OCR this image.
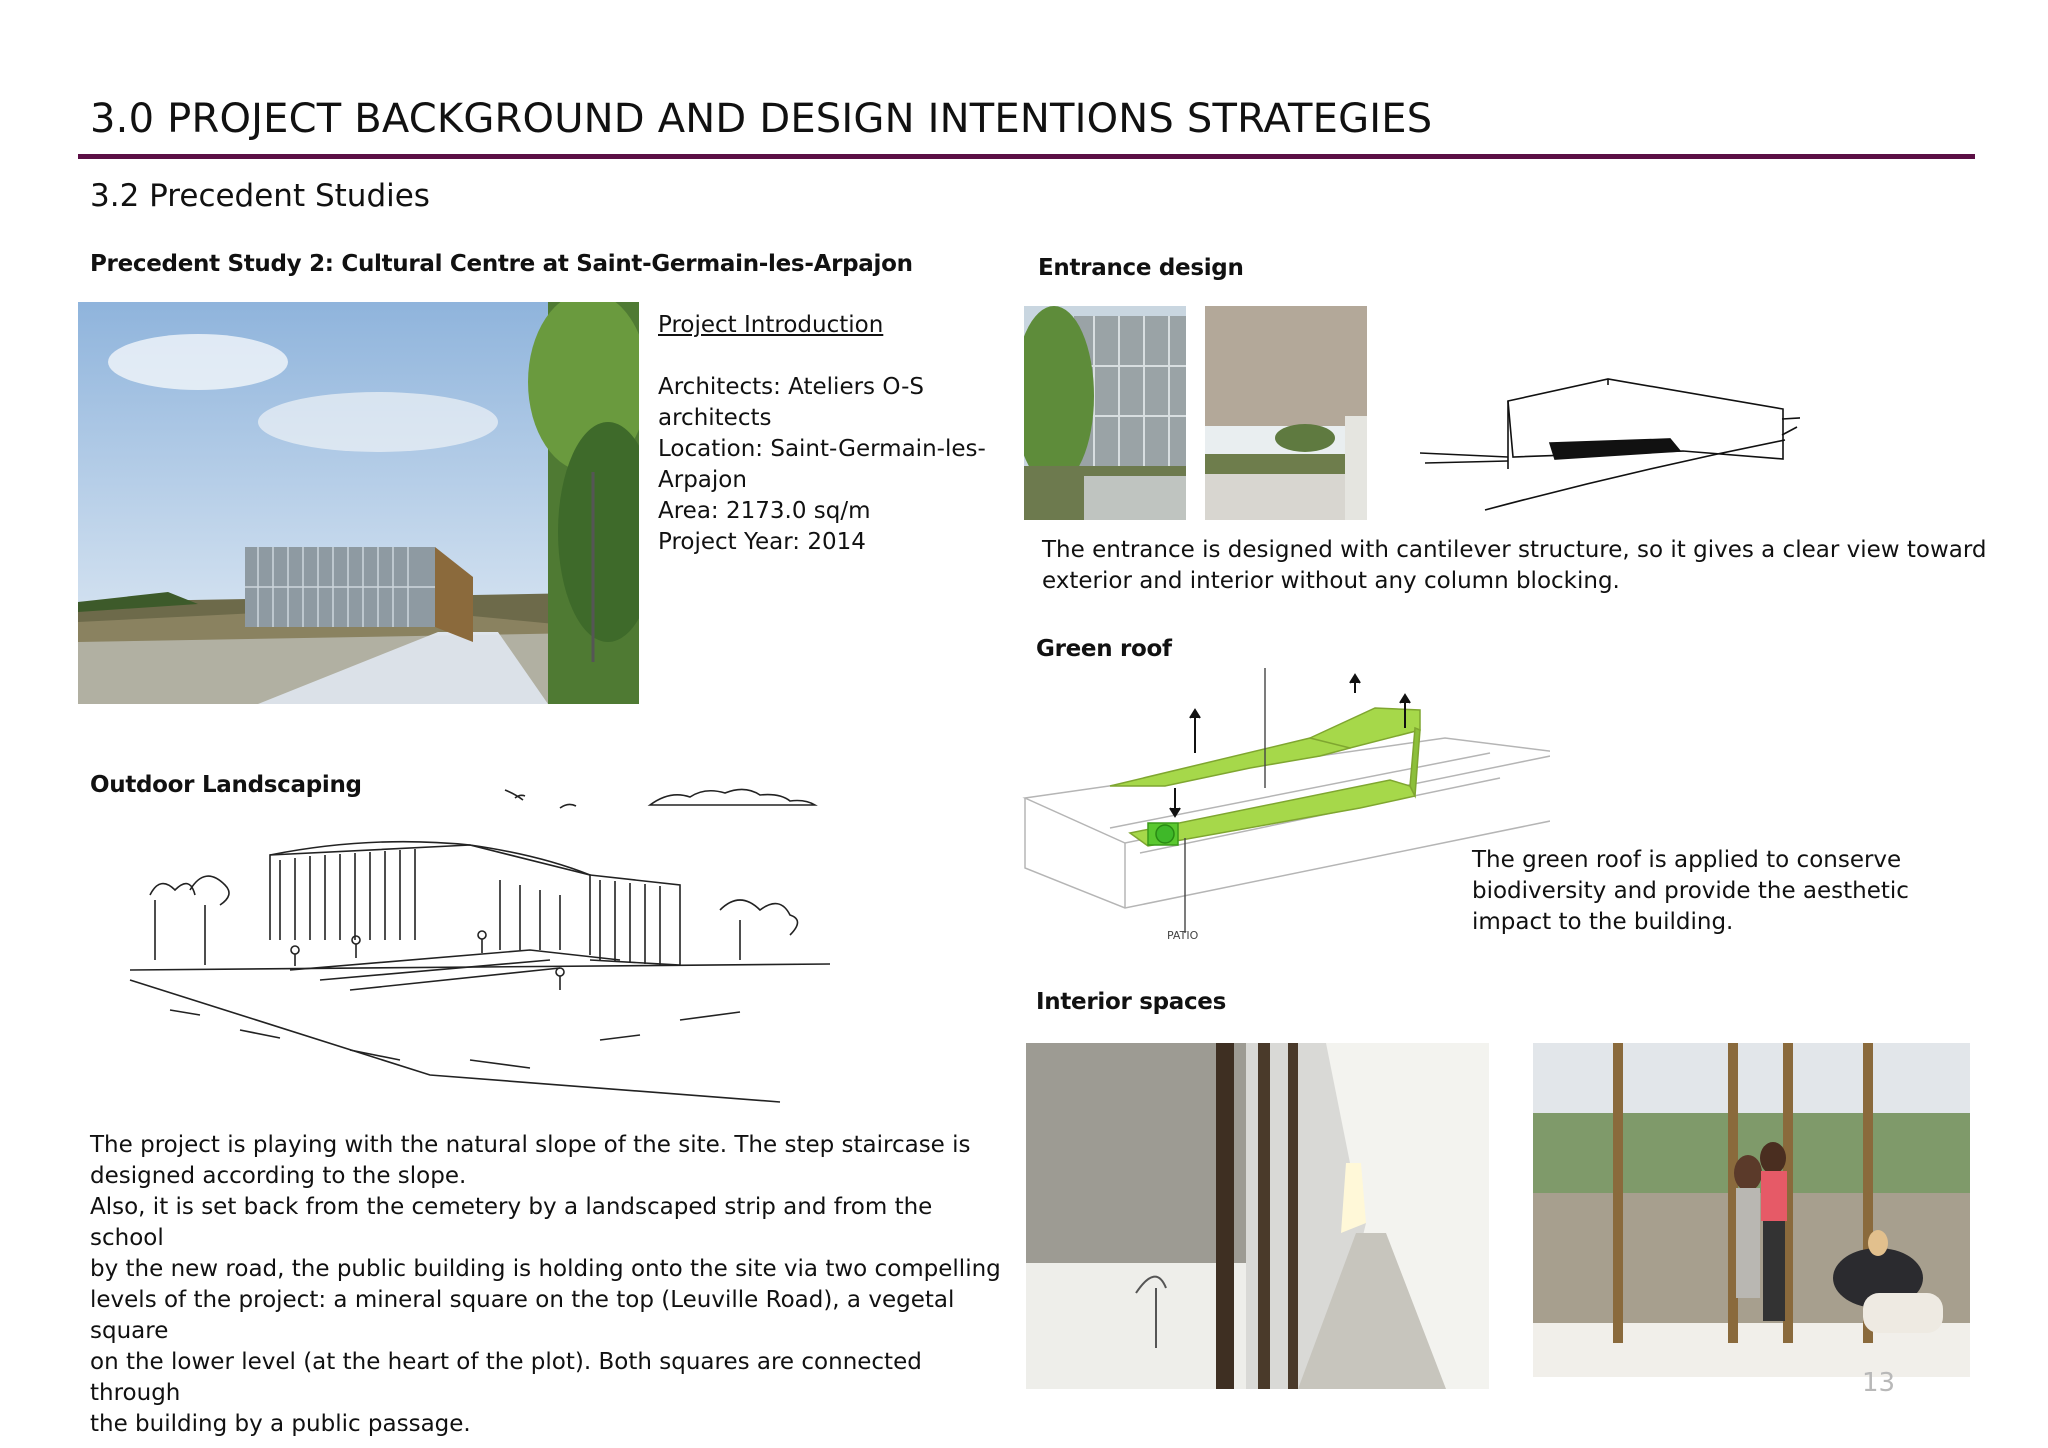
3.0 PROJECT BACKGROUND AND DESIGN INTENTIONS STRATEGIES
3.2 Precedent Studies
Precedent Study 2: Cultural Centre at Saint-Germain-les-Arpajon
Project Introduction
Architects: Ateliers O-S
architects
Location: Saint-Germain-les-
Arpajon
Area: 2173.0 sq/m
Project Year: 2014
Outdoor Landscaping
The project is playing with the natural slope of the site. The step staircase is
designed according to the slope.
Also, it is set back from the cemetery by a landscaped strip and from the school
by the new road, the public building is holding onto the site via two compelling
levels of the project: a mineral square on the top (Leuville Road), a vegetal square
on the lower level (at the heart of the plot). Both squares are connected through
the building by a public passage.
Entrance design
The entrance is designed with cantilever structure, so it gives a clear view toward
exterior and interior without any column blocking.
Green roof
PATIO
The green roof is applied to conserve
biodiversity and provide the aesthetic
impact to the building.
Interior spaces
13
